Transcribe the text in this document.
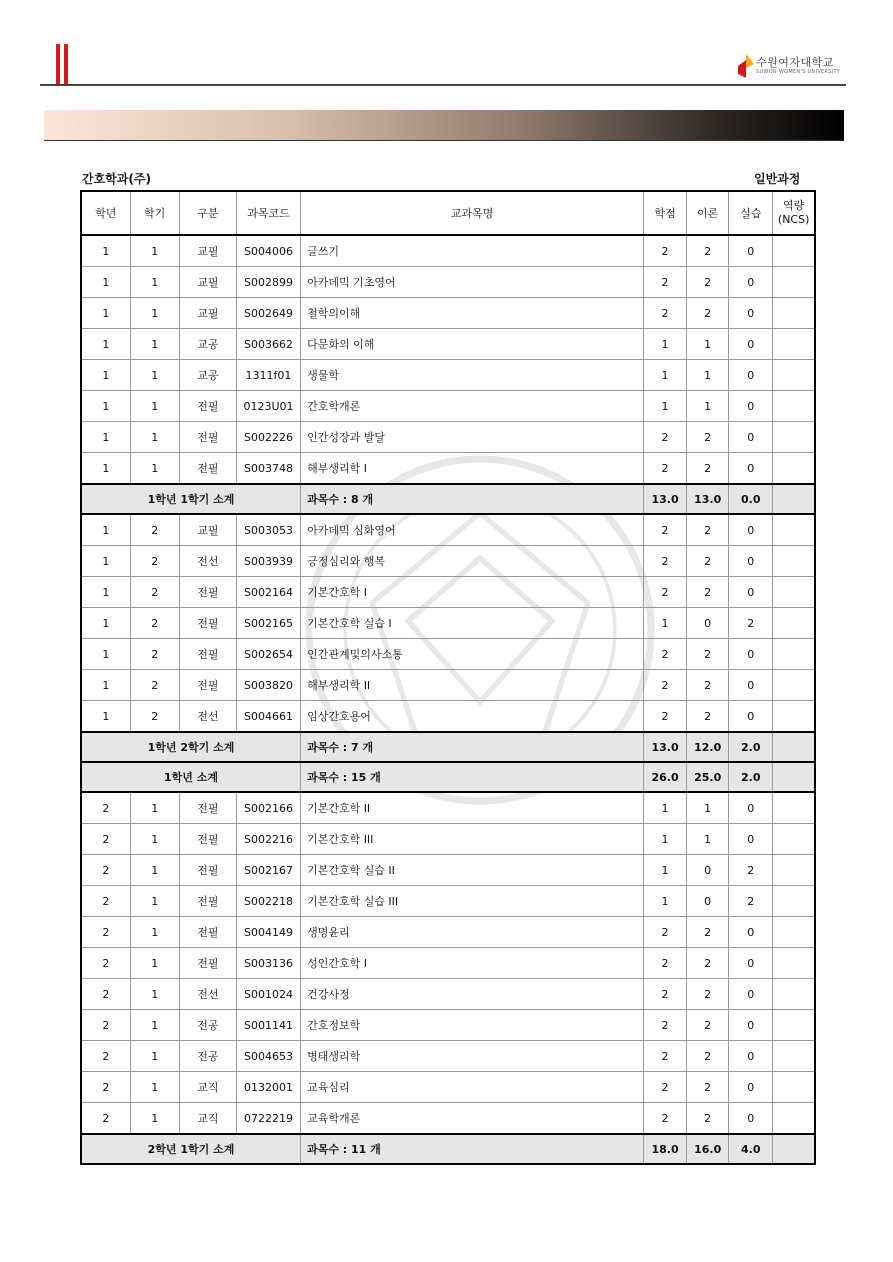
수원여자대학교
SUWON WOMEN'S UNIVERSITY
간호학과(주)	일반과정
학년	학기	구분	과목코드	교과목명	학점	이론	실습	역량
(NCS)
1	1	교필	S004006	글쓰기	2	2	0	
1	1	교필	S002899	아카데믹 기초영어	2	2	0	
1	1	교필	S002649	철학의이해	2	2	0	
1	1	교공	S003662	다문화의 이해	1	1	0	
1	1	교공	1311f01	생물학	1	1	0	
1	1	전필	0123U01	간호학개론	1	1	0	
1	1	전필	S002226	인간성장과 발달	2	2	0	
1	1	전필	S003748	해부생리학 I	2	2	0	
1학년 1학기 소계				과목수 : 8 개	13.0	13.0	0.0	
1	2	교필	S003053	아카데믹 심화영어	2	2	0	
1	2	전선	S003939	긍정심리와 행복	2	2	0	
1	2	전필	S002164	기본간호학 I	2	2	0	
1	2	전필	S002165	기본간호학 실습 I	1	0	2	
1	2	전필	S002654	인간관계및의사소통	2	2	0	
1	2	전필	S003820	해부생리학 II	2	2	0	
1	2	전선	S004661	임상간호용어	2	2	0	
1학년 2학기 소계				과목수 : 7 개	13.0	12.0	2.0	
1학년 소계				과목수 : 15 개	26.0	25.0	2.0	
2	1	전필	S002166	기본간호학 II	1	1	0	
2	1	전필	S002216	기본간호학 III	1	1	0	
2	1	전필	S002167	기본간호학 실습 II	1	0	2	
2	1	전필	S002218	기본간호학 실습 III	1	0	2	
2	1	전필	S004149	생명윤리	2	2	0	
2	1	전필	S003136	성인간호학 I	2	2	0	
2	1	전선	S001024	건강사정	2	2	0	
2	1	전공	S001141	간호정보학	2	2	0	
2	1	전공	S004653	병태생리학	2	2	0	
2	1	교직	0132001	교육심리	2	2	0	
2	1	교직	0722219	교육학개론	2	2	0	
2학년 1학기 소계				과목수 : 11 개	18.0	16.0	4.0	
